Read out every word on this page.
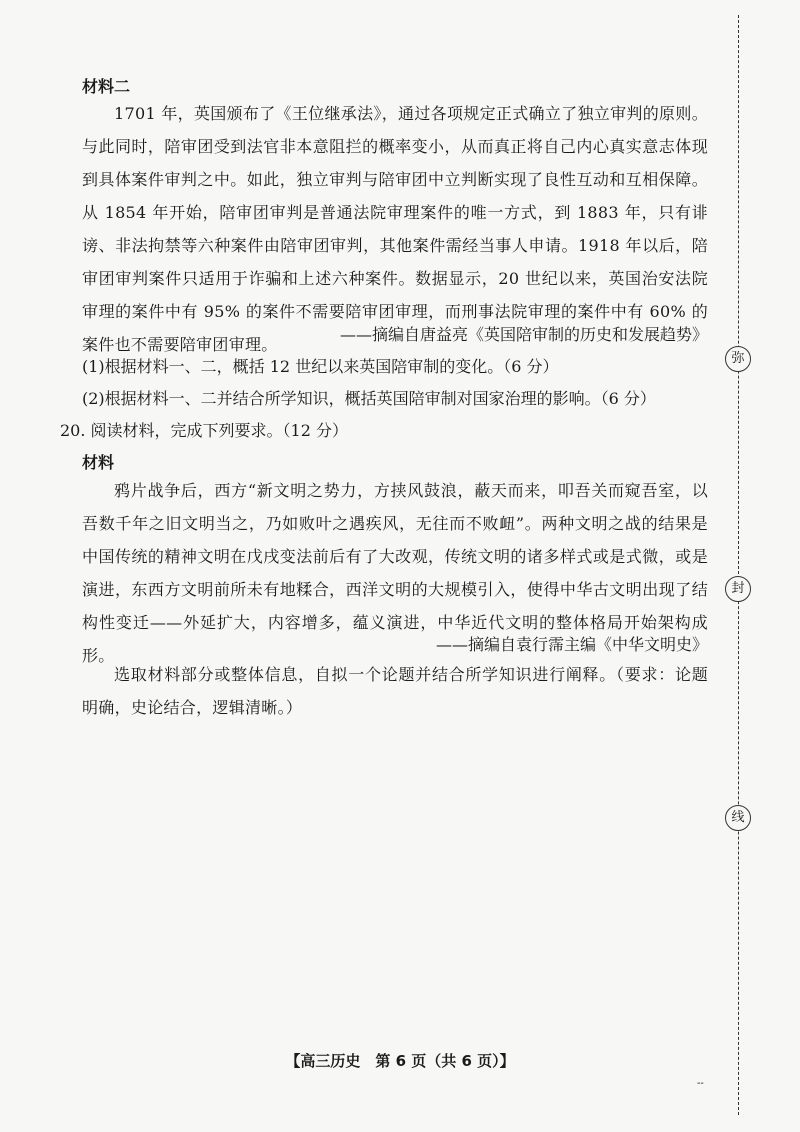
弥
封
线
材料二
1701 年，英国颁布了《王位继承法》，通过各项规定正式确立了独立审判的原则。与此同时，陪审团受到法官非本意阻拦的概率变小，从而真正将自己内心真实意志体现到具体案件审判之中。如此，独立审判与陪审团中立判断实现了良性互动和互相保障。从 1854 年开始，陪审团审判是普通法院审理案件的唯一方式，到 1883 年，只有诽谤、非法拘禁等六种案件由陪审团审判，其他案件需经当事人申请。1918 年以后，陪审团审判案件只适用于诈骗和上述六种案件。数据显示，20 世纪以来，英国治安法院审理的案件中有 95% 的案件不需要陪审团审理，而刑事法院审理的案件中有 60% 的案件也不需要陪审团审理。
——摘编自唐益亮《英国陪审制的历史和发展趋势》
(1)根据材料一、二，概括 12 世纪以来英国陪审制的变化。（6 分）
(2)根据材料一、二并结合所学知识，概括英国陪审制对国家治理的影响。（6 分）
20. 阅读材料，完成下列要求。（12 分）
材料
鸦片战争后，西方“新文明之势力，方挟风鼓浪，蔽天而来，叩吾关而窥吾室，以吾数千年之旧文明当之，乃如败叶之遇疾风，无往而不败衄”。两种文明之战的结果是中国传统的精神文明在戊戌变法前后有了大改观，传统文明的诸多样式或是式微，或是演进，东西方文明前所未有地糅合，西洋文明的大规模引入，使得中华古文明出现了结构性变迁——外延扩大，内容增多，蕴义演进，中华近代文明的整体格局开始架构成形。
——摘编自袁行霈主编《中华文明史》
选取材料部分或整体信息，自拟一个论题并结合所学知识进行阐释。（要求：论题明确，史论结合，逻辑清晰。）
【高三历史　第 6 页（共 6 页）】
--
